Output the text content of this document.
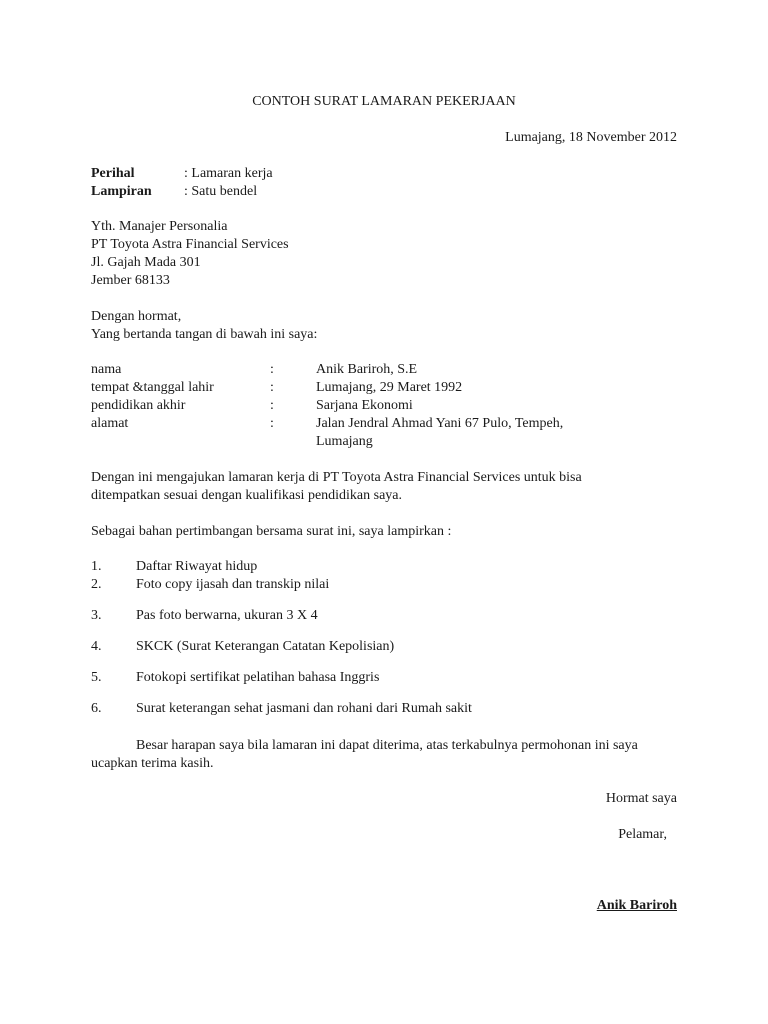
CONTOH SURAT LAMARAN PEKERJAAN
Lumajang, 18 November 2012
Perihal	: Lamaran kerja
Lampiran : Satu bendel
Yth. Manajer Personalia
PT Toyota Astra Financial Services
Jl. Gajah Mada 301
Jember 68133
Dengan hormat,
Yang bertanda tangan di bawah ini saya:
nama	:	Anik Bariroh, S.E
tempat &tanggal lahir	:	Lumajang, 29 Maret 1992
pendidikan akhir	:	Sarjana Ekonomi
alamat	:	Jalan Jendral Ahmad Yani 67 Pulo, Tempeh,
Lumajang
Dengan ini mengajukan lamaran kerja di PT Toyota Astra Financial Services untuk bisa
ditempatkan sesuai dengan kualifikasi pendidikan saya.
Sebagai bahan pertimbangan bersama surat ini, saya lampirkan :
1. Daftar Riwayat hidup
2. Foto copy ijasah dan transkip nilai
3. Pas foto berwarna, ukuran 3 X 4
4. SKCK (Surat Keterangan Catatan Kepolisian)
5. Fotokopi sertifikat pelatihan bahasa Inggris
6. Surat keterangan sehat jasmani dan rohani dari Rumah sakit
Besar harapan saya bila lamaran ini dapat diterima, atas terkabulnya permohonan ini saya
ucapkan terima kasih.
Hormat saya
Pelamar,
Anik Bariroh
